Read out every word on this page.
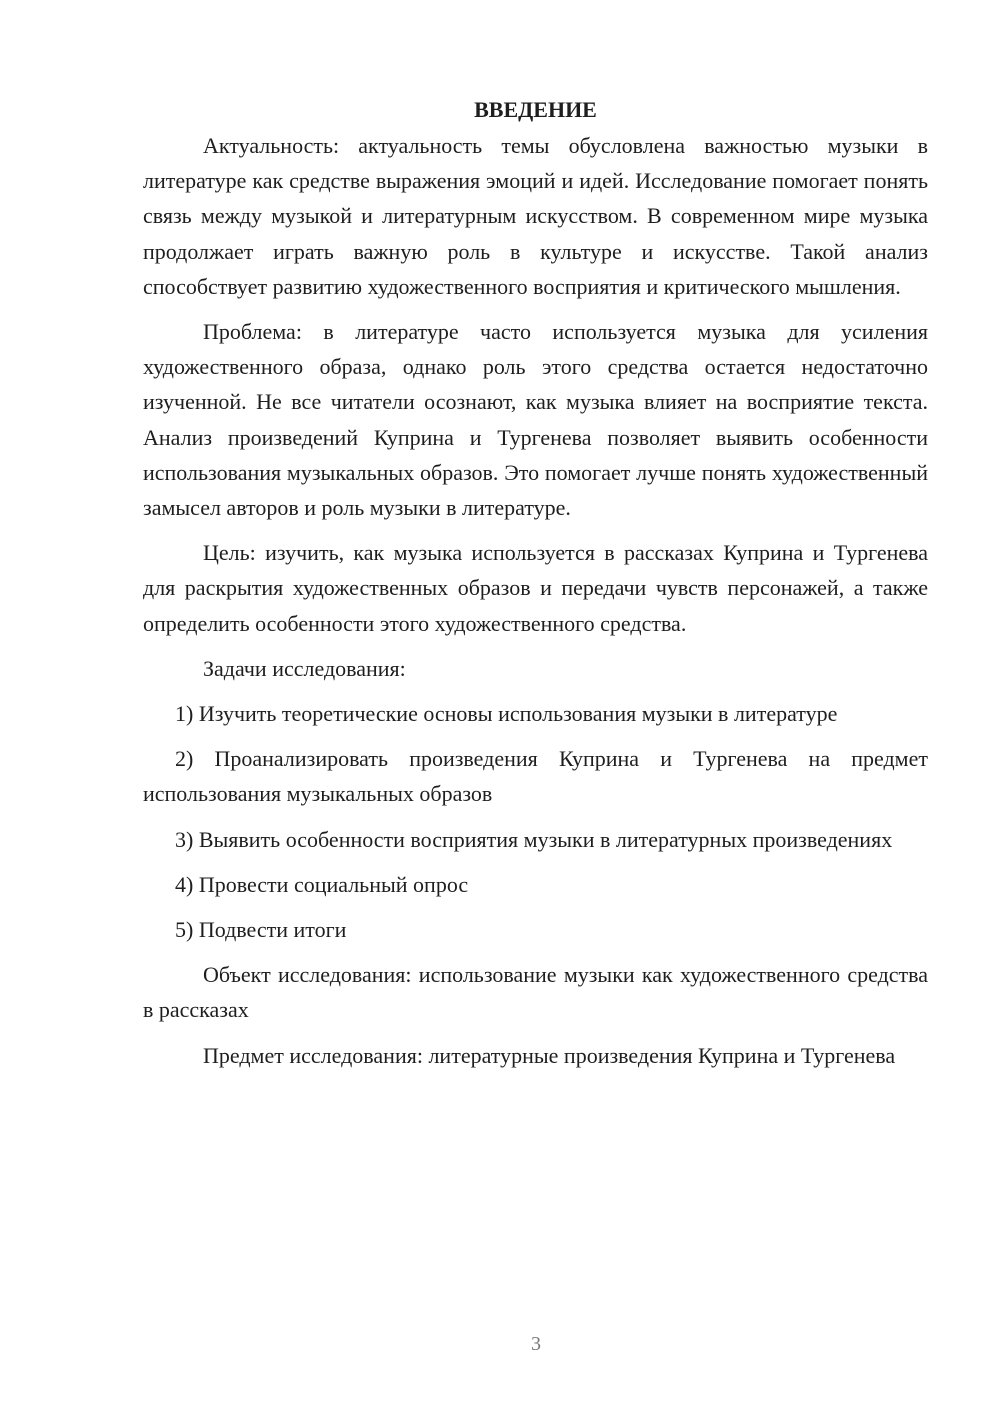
ВВЕДЕНИЕ

Актуальность: актуальность темы обусловлена важностью музыки в литературе как средстве выражения эмоций и идей. Исследование помогает понять связь между музыкой и литературным искусством. В современном мире музыка продолжает играть важную роль в культуре и искусстве. Такой анализ способствует развитию художественного восприятия и критического мышления.

Проблема: в литературе часто используется музыка для усиления художественного образа, однако роль этого средства остается недостаточно изученной. Не все читатели осознают, как музыка влияет на восприятие текста. Анализ произведений Куприна и Тургенева позволяет выявить особенности использования музыкальных образов. Это помогает лучше понять художественный замысел авторов и роль музыки в литературе.

Цель: изучить, как музыка используется в рассказах Куприна и Тургенева для раскрытия художественных образов и передачи чувств персонажей, а также определить особенности этого художественного средства.

Задачи исследования:

1) Изучить теоретические основы использования музыки в литературе

2) Проанализировать произведения Куприна и Тургенева на предмет использования музыкальных образов

3) Выявить особенности восприятия музыки в литературных произведениях

4) Провести социальный опрос

5) Подвести итоги

Объект исследования: использование музыки как художественного средства в рассказах

Предмет исследования: литературные произведения Куприна и Тургенева

3
